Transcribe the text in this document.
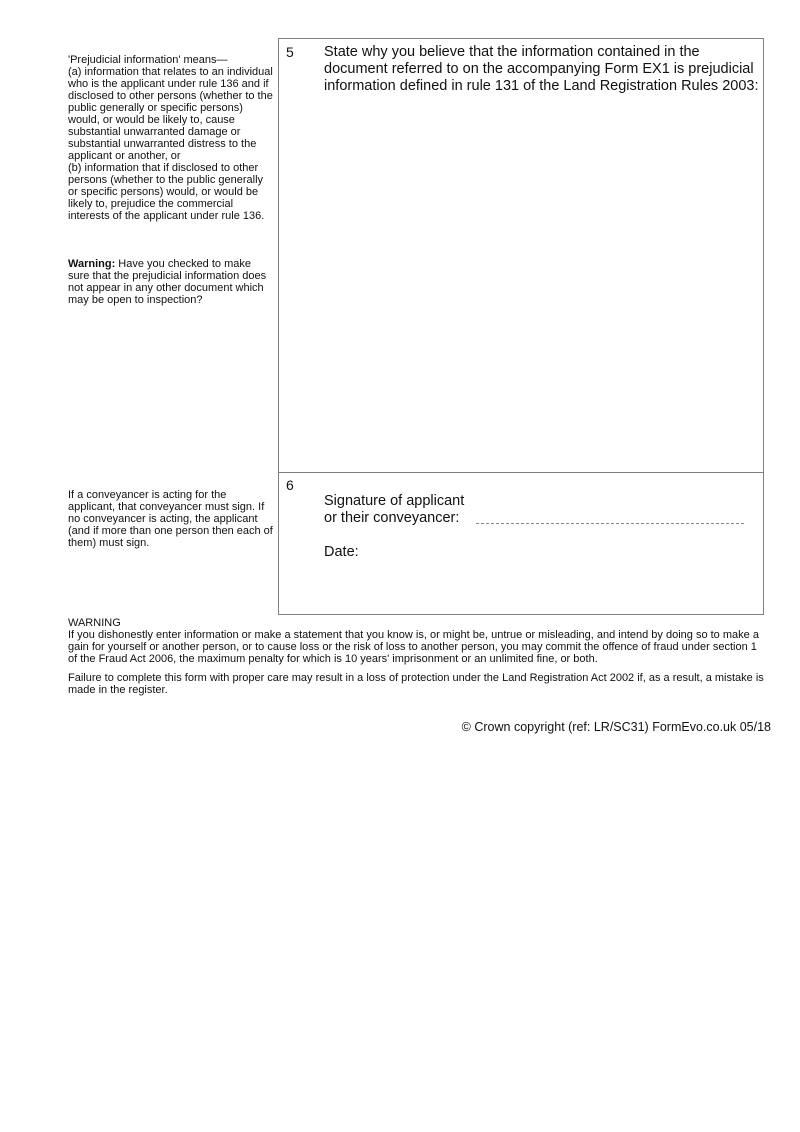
'Prejudicial information' means—
(a) information that relates to an individual who is the applicant under rule 136 and if disclosed to other persons (whether to the public generally or specific persons) would, or would be likely to, cause substantial unwarranted damage or substantial unwarranted distress to the applicant or another, or
(b) information that if disclosed to other persons (whether to the public generally or specific persons) would, or would be likely to, prejudice the commercial interests of the applicant under rule 136.

Warning: Have you checked to make sure that the prejudicial information does not appear in any other document which may be open to inspection?

5 State why you believe that the information contained in the document referred to on the accompanying Form EX1 is prejudicial information defined in rule 131 of the Land Registration Rules 2003:
If a conveyancer is acting for the applicant, that conveyancer must sign. If no conveyancer is acting, the applicant (and if more than one person then each of them) must sign.
6
Signature of applicant
or their conveyancer:
Date:
WARNING

If you dishonestly enter information or make a statement that you know is, or might be, untrue or misleading, and intend by doing so to make a gain for yourself or another person, or to cause loss or the risk of loss to another person, you may commit the offence of fraud under section 1 of the Fraud Act 2006, the maximum penalty for which is 10 years' imprisonment or an unlimited fine, or both.

Failure to complete this form with proper care may result in a loss of protection under the Land Registration Act 2002 if, as a result, a mistake is made in the register.

© Crown copyright (ref: LR/SC31) FormEvo.co.uk 05/18
